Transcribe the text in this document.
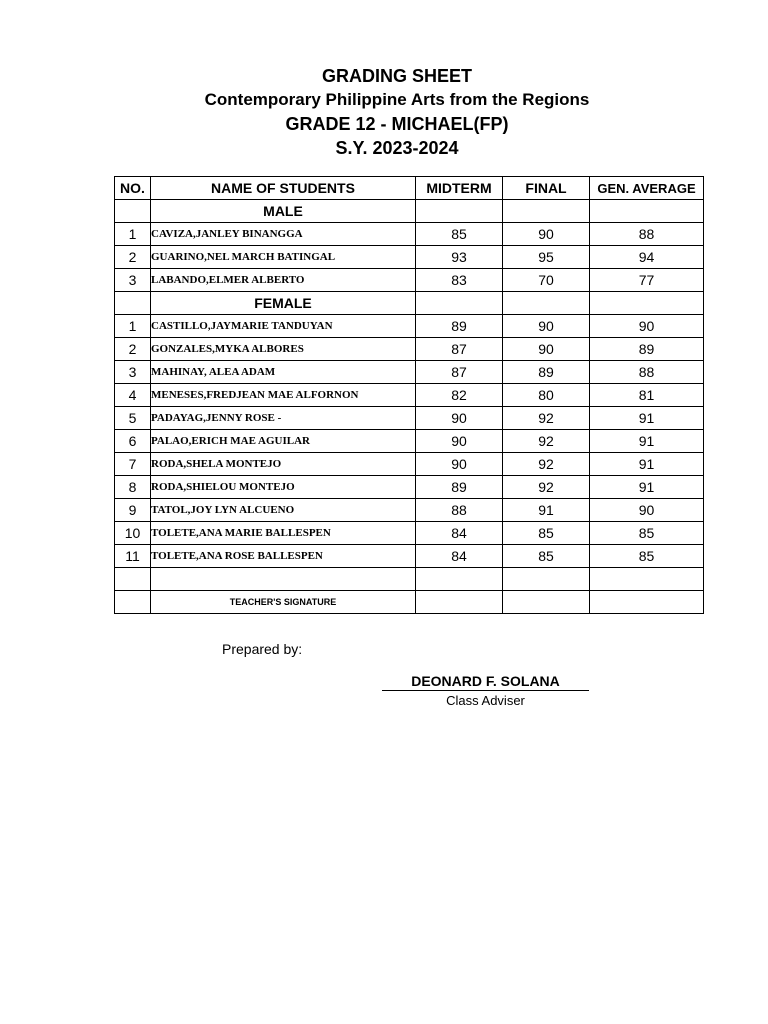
GRADING SHEET
Contemporary Philippine Arts from the Regions
GRADE 12 - MICHAEL(FP)
S.Y. 2023-2024
NO.	NAME OF STUDENTS	MIDTERM	FINAL	GEN. AVERAGE
	MALE			
1	CAVIZA,JANLEY BINANGGA	85	90	88
2	GUARINO,NEL MARCH BATINGAL	93	95	94
3	LABANDO,ELMER ALBERTO	83	70	77
	FEMALE			
1	CASTILLO,JAYMARIE TANDUYAN	89	90	90
2	GONZALES,MYKA ALBORES	87	90	89
3	MAHINAY, ALEA ADAM	87	89	88
4	MENESES,FREDJEAN MAE ALFORNON	82	80	81
5	PADAYAG,JENNY ROSE -	90	92	91
6	PALAO,ERICH MAE AGUILAR	90	92	91
7	RODA,SHELA MONTEJO	90	92	91
8	RODA,SHIELOU MONTEJO	89	92	91
9	TATOL,JOY LYN ALCUENO	88	91	90
10	TOLETE,ANA MARIE BALLESPEN	84	85	85
11	TOLETE,ANA ROSE BALLESPEN	84	85	85

	TEACHER'S SIGNATURE			
Prepared by:
DEONARD F. SOLANA
Class Adviser
